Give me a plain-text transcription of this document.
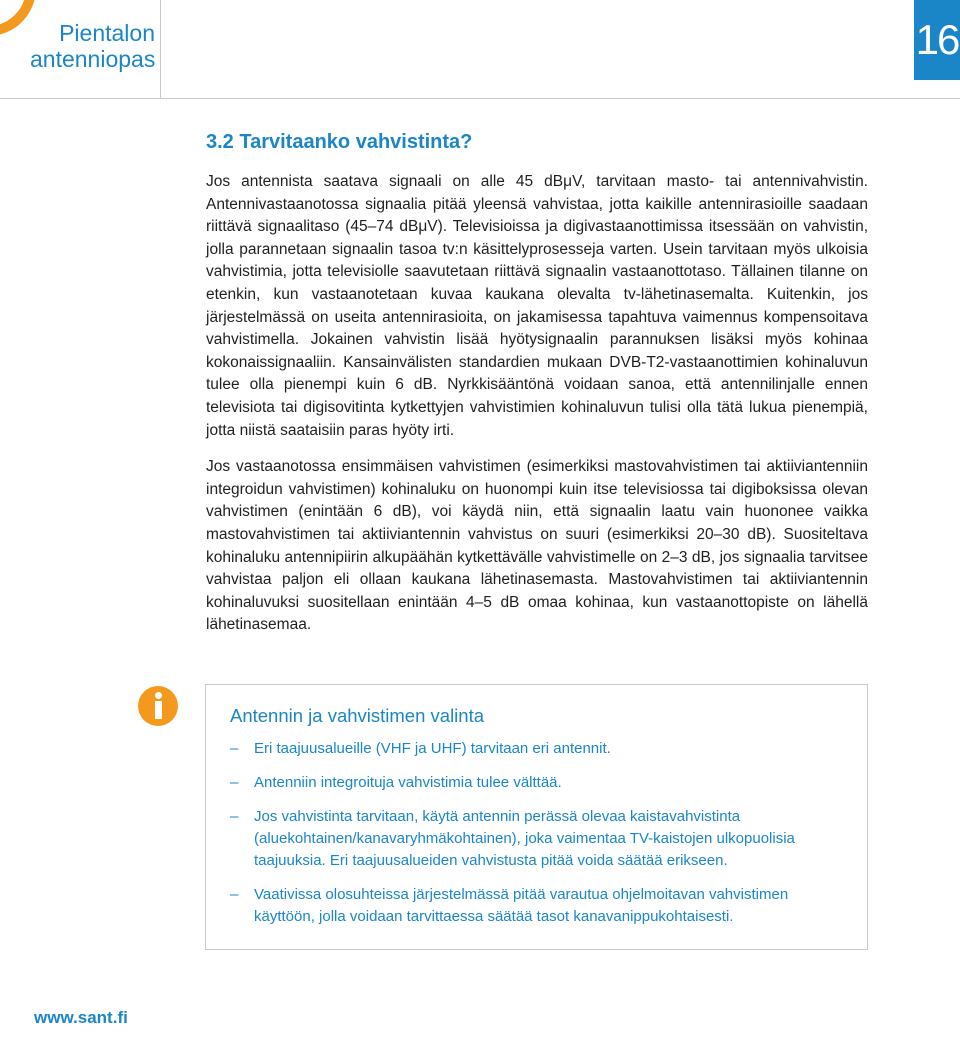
Pientalon antenniopas	16
3.2 Tarvitaanko vahvistinta?

Jos antennista saatava signaali on alle 45 dBμV, tarvitaan masto- tai antennivahvistin. Antennivastaanotossa signaalia pitää yleensä vahvistaa, jotta kaikille antennirasioille saadaan riittävä signaalitaso (45–74 dBμV). Televisioissa ja digivastaanottimissa itsessään on vahvistin, jolla parannetaan signaalin tasoa tv:n käsittelyprosesseja varten. Usein tarvitaan myös ulkoisia vahvistimia, jotta televisiolle saavutetaan riittävä signaalin vastaanottotaso. Tällainen tilanne on etenkin, kun vastaanotetaan kuvaa kaukana olevalta tv-lähetinasemalta. Kuitenkin, jos järjestelmässä on useita antennirasioita, on jakamisessa tapahtuva vaimennus kompensoitava vahvistimella. Jokainen vahvistin lisää hyötysignaalin parannuksen lisäksi myös kohinaa kokonaissignaaliin. Kansainvälisten standardien mukaan DVB-T2-vastaanottimien kohinaluvun tulee olla pienempi kuin 6 dB. Nyrkkisääntönä voidaan sanoa, että antennilinjalle ennen televisiota tai digisovitinta kytkettyjen vahvistimien kohinaluvun tulisi olla tätä lukua pienempiä, jotta niistä saataisiin paras hyöty irti.

Jos vastaanotossa ensimmäisen vahvistimen (esimerkiksi mastovahvistimen tai aktiiviantenniin integroidun vahvistimen) kohinaluku on huonompi kuin itse televisiossa tai digiboksissa olevan vahvistimen (enintään 6 dB), voi käydä niin, että signaalin laatu vain huononee vaikka mastovahvistimen tai aktiiviantennin vahvistus on suuri (esimerkiksi 20–30 dB). Suositeltava kohinaluku antennipiirin alkupäähän kytkettävälle vahvistimelle on 2–3 dB, jos signaalia tarvitsee vahvistaa paljon eli ollaan kaukana lähetinasemasta. Mastovahvistimen tai aktiiviantennin kohinaluvuksi suositellaan enintään 4–5 dB omaa kohinaa, kun vastaanottopiste on lähellä lähetinasemaa.

Antennin ja vahvistimen valinta
– Eri taajuusalueille (VHF ja UHF) tarvitaan eri antennit.
– Antenniin integroituja vahvistimia tulee välttää.
– Jos vahvistinta tarvitaan, käytä antennin perässä olevaa kaistavahvistinta (aluekohtainen/kanavaryhmäkohtainen), joka vaimentaa TV-kaistojen ulkopuolisia taajuuksia. Eri taajuusalueiden vahvistusta pitää voida säätää erikseen.
– Vaativissa olosuhteissa järjestelmässä pitää varautua ohjelmoitavan vahvistimen käyttöön, jolla voidaan tarvittaessa säätää tasot kanavanippukohtaisesti.
www.sant.fi
